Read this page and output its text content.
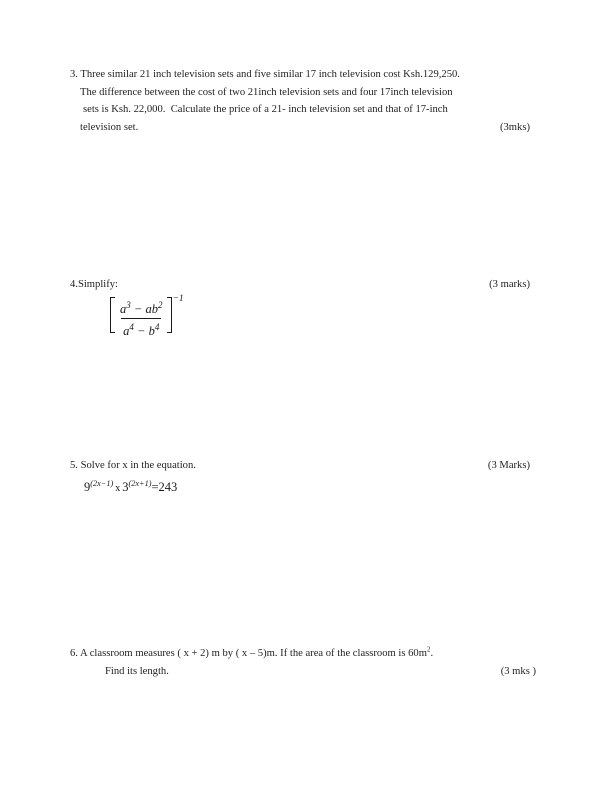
3. Three similar 21 inch television sets and five similar 17 inch television cost Ksh.129,250.
The difference between the cost of two 21inch television sets and four 17inch television
sets is Ksh. 22,000.  Calculate the price of a 21- inch television set and that of 17-inch
television set.	(3mks)
4.Simplify:	(3 marks)
$\frac{a^3 - ab^2}{a^4 - b^4} -1$
5. Solve for x in the equation.	(3 Marks)
$9^{(2x-1)}$ x $3^{(2x+1)}=243$
6. A classroom measures ( x + 2) m by ( x – 5)m. If the area of the classroom is $60m^2$.
Find its length.	(3 mks )
